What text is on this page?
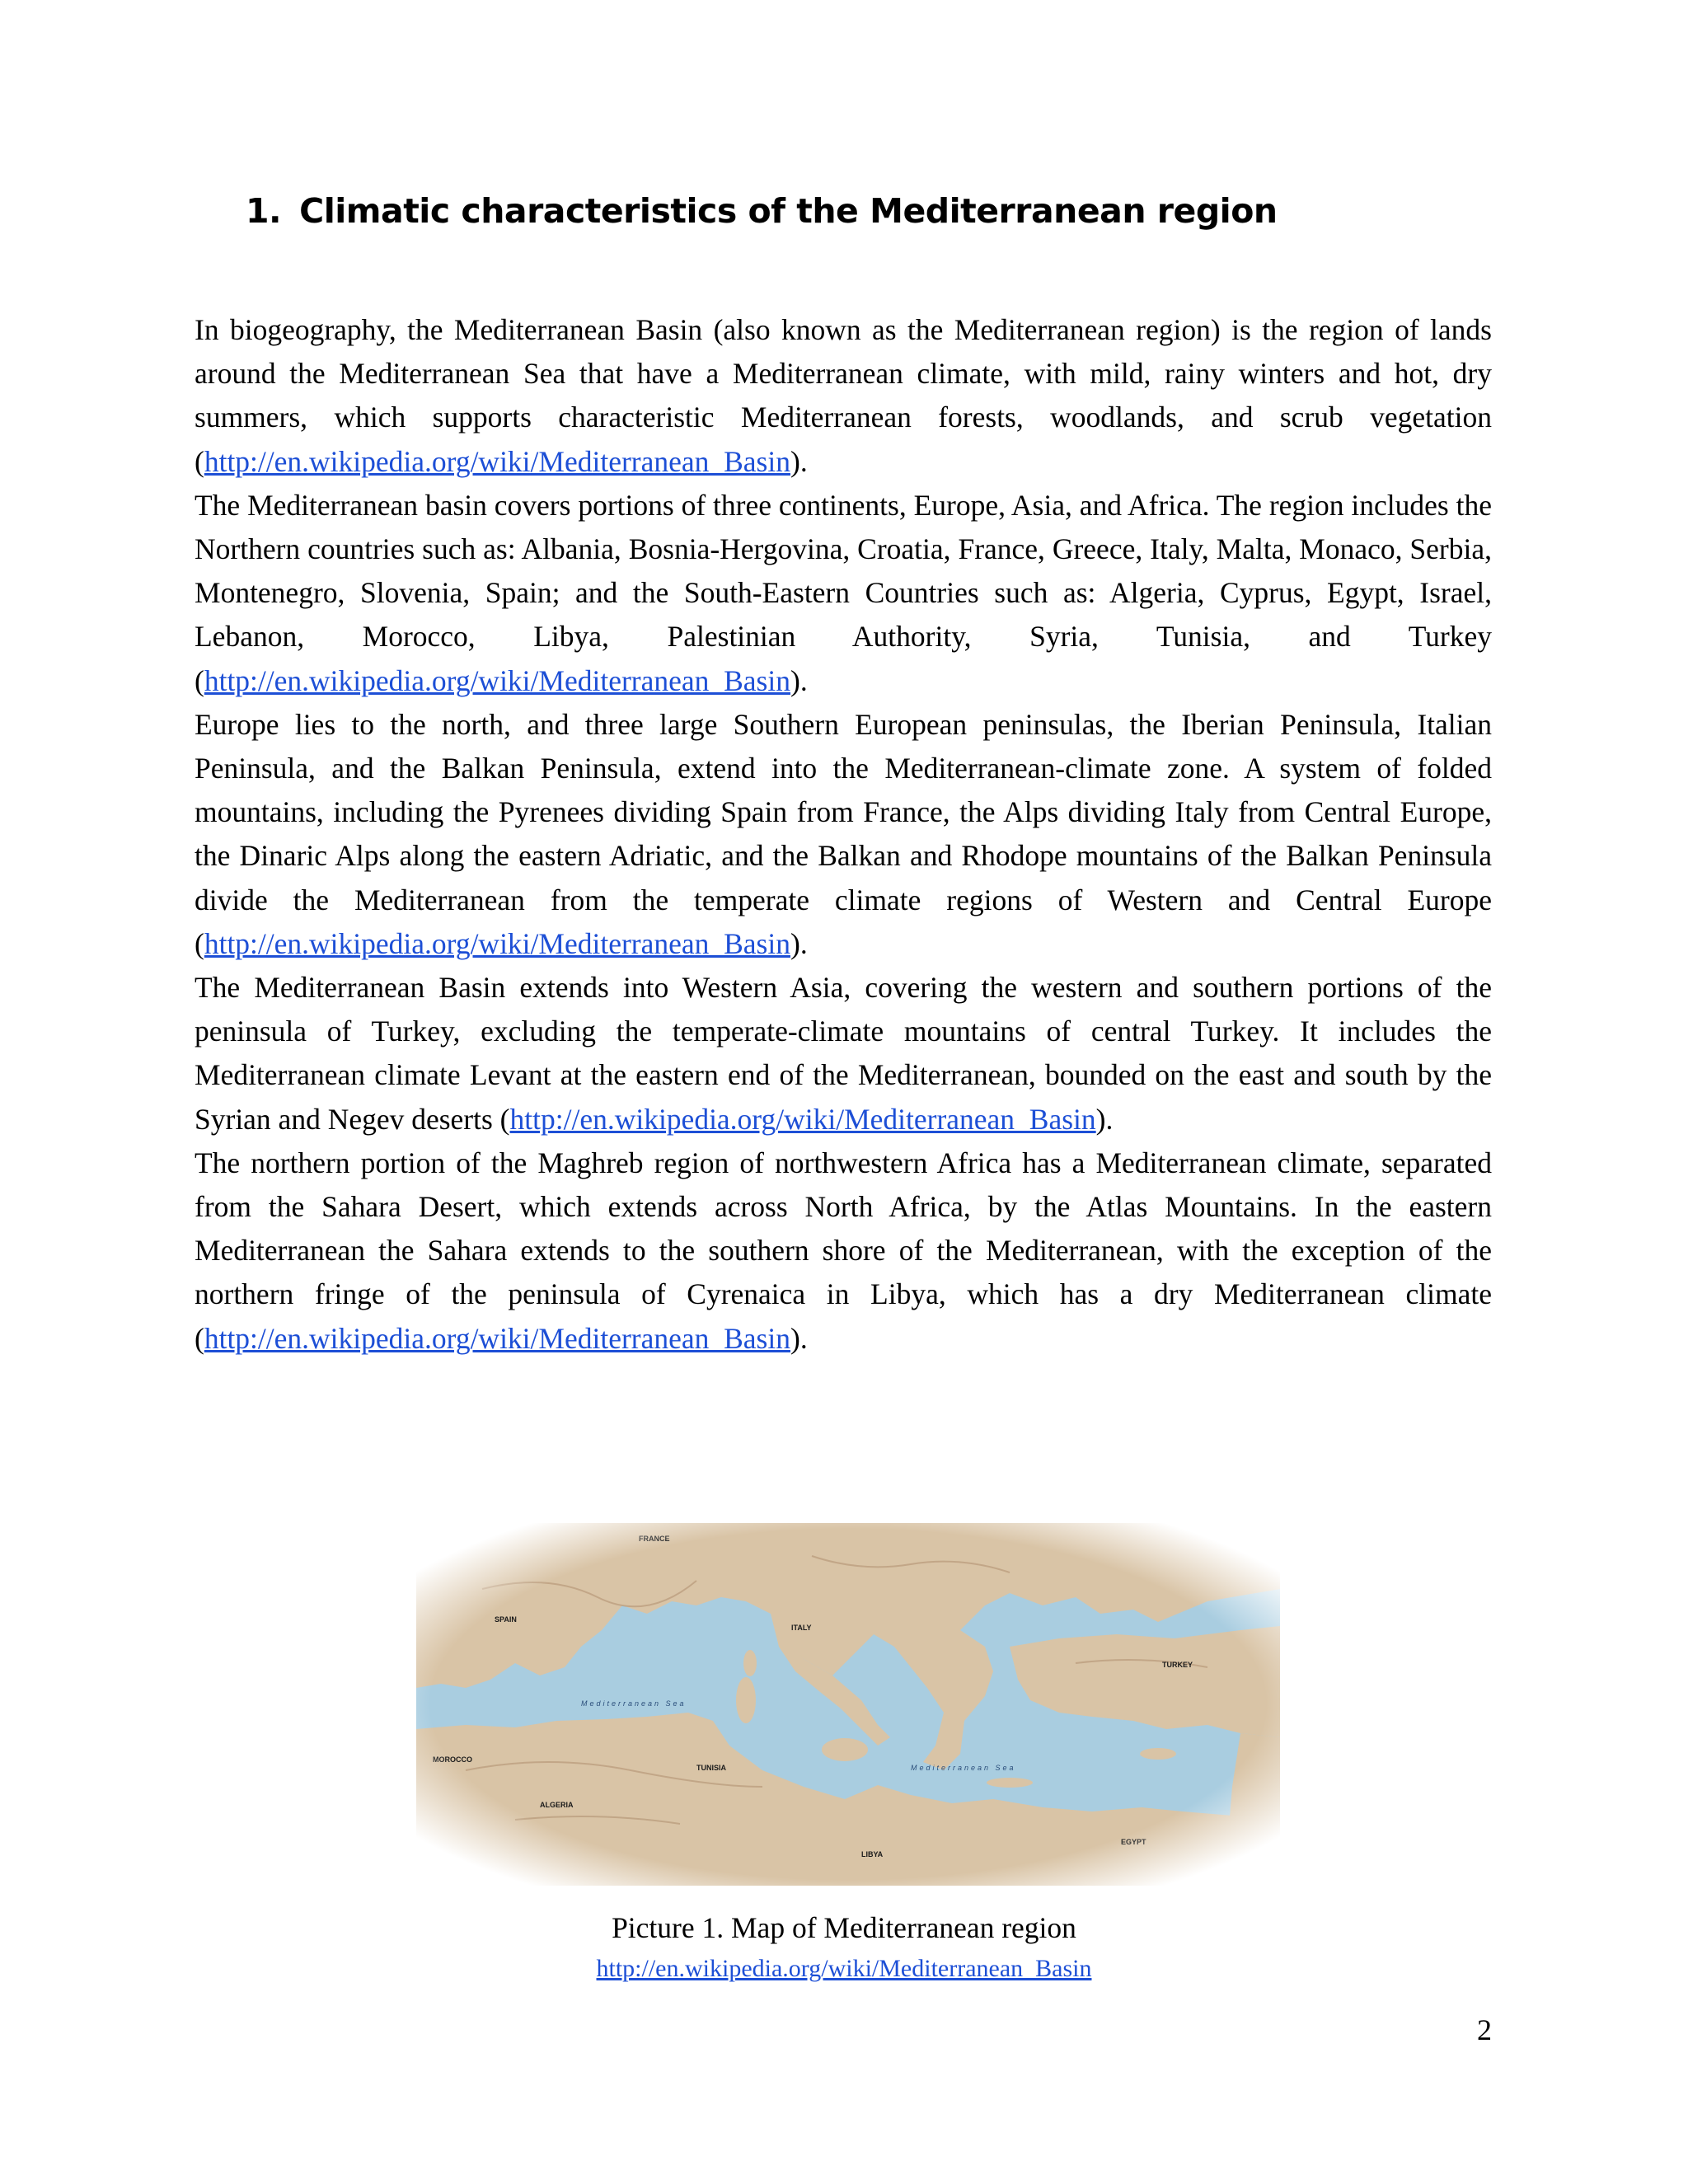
1. Climatic characteristics of the Mediterranean region

In biogeography, the Mediterranean Basin (also known as the Mediterranean region) is the region of lands around the Mediterranean Sea that have a Mediterranean climate, with mild, rainy winters and hot, dry summers, which supports characteristic Mediterranean forests, woodlands, and scrub vegetation (http://en.wikipedia.org/wiki/Mediterranean_Basin).

The Mediterranean basin covers portions of three continents, Europe, Asia, and Africa. The region includes the Northern countries such as: Albania, Bosnia-Hergovina, Croatia, France, Greece, Italy, Malta, Monaco, Serbia, Montenegro, Slovenia, Spain; and the South-Eastern Countries such as: Algeria, Cyprus, Egypt, Israel, Lebanon, Morocco, Libya, Palestinian Authority, Syria, Tunisia, and Turkey (http://en.wikipedia.org/wiki/Mediterranean_Basin).

Europe lies to the north, and three large Southern European peninsulas, the Iberian Peninsula, Italian Peninsula, and the Balkan Peninsula, extend into the Mediterranean-climate zone. A system of folded mountains, including the Pyrenees dividing Spain from France, the Alps dividing Italy from Central Europe, the Dinaric Alps along the eastern Adriatic, and the Balkan and Rhodope mountains of the Balkan Peninsula divide the Mediterranean from the temperate climate regions of Western and Central Europe (http://en.wikipedia.org/wiki/Mediterranean_Basin).

The Mediterranean Basin extends into Western Asia, covering the western and southern portions of the peninsula of Turkey, excluding the temperate-climate mountains of central Turkey. It includes the Mediterranean climate Levant at the eastern end of the Mediterranean, bounded on the east and south by the Syrian and Negev deserts (http://en.wikipedia.org/wiki/Mediterranean_Basin).

The northern portion of the Maghreb region of northwestern Africa has a Mediterranean climate, separated from the Sahara Desert, which extends across North Africa, by the Atlas Mountains. In the eastern Mediterranean the Sahara extends to the southern shore of the Mediterranean, with the exception of the northern fringe of the peninsula of Cyrenaica in Libya, which has a dry Mediterranean climate (http://en.wikipedia.org/wiki/Mediterranean_Basin).

Picture 1. Map of Mediterranean region
http://en.wikipedia.org/wiki/Mediterranean_Basin
2
